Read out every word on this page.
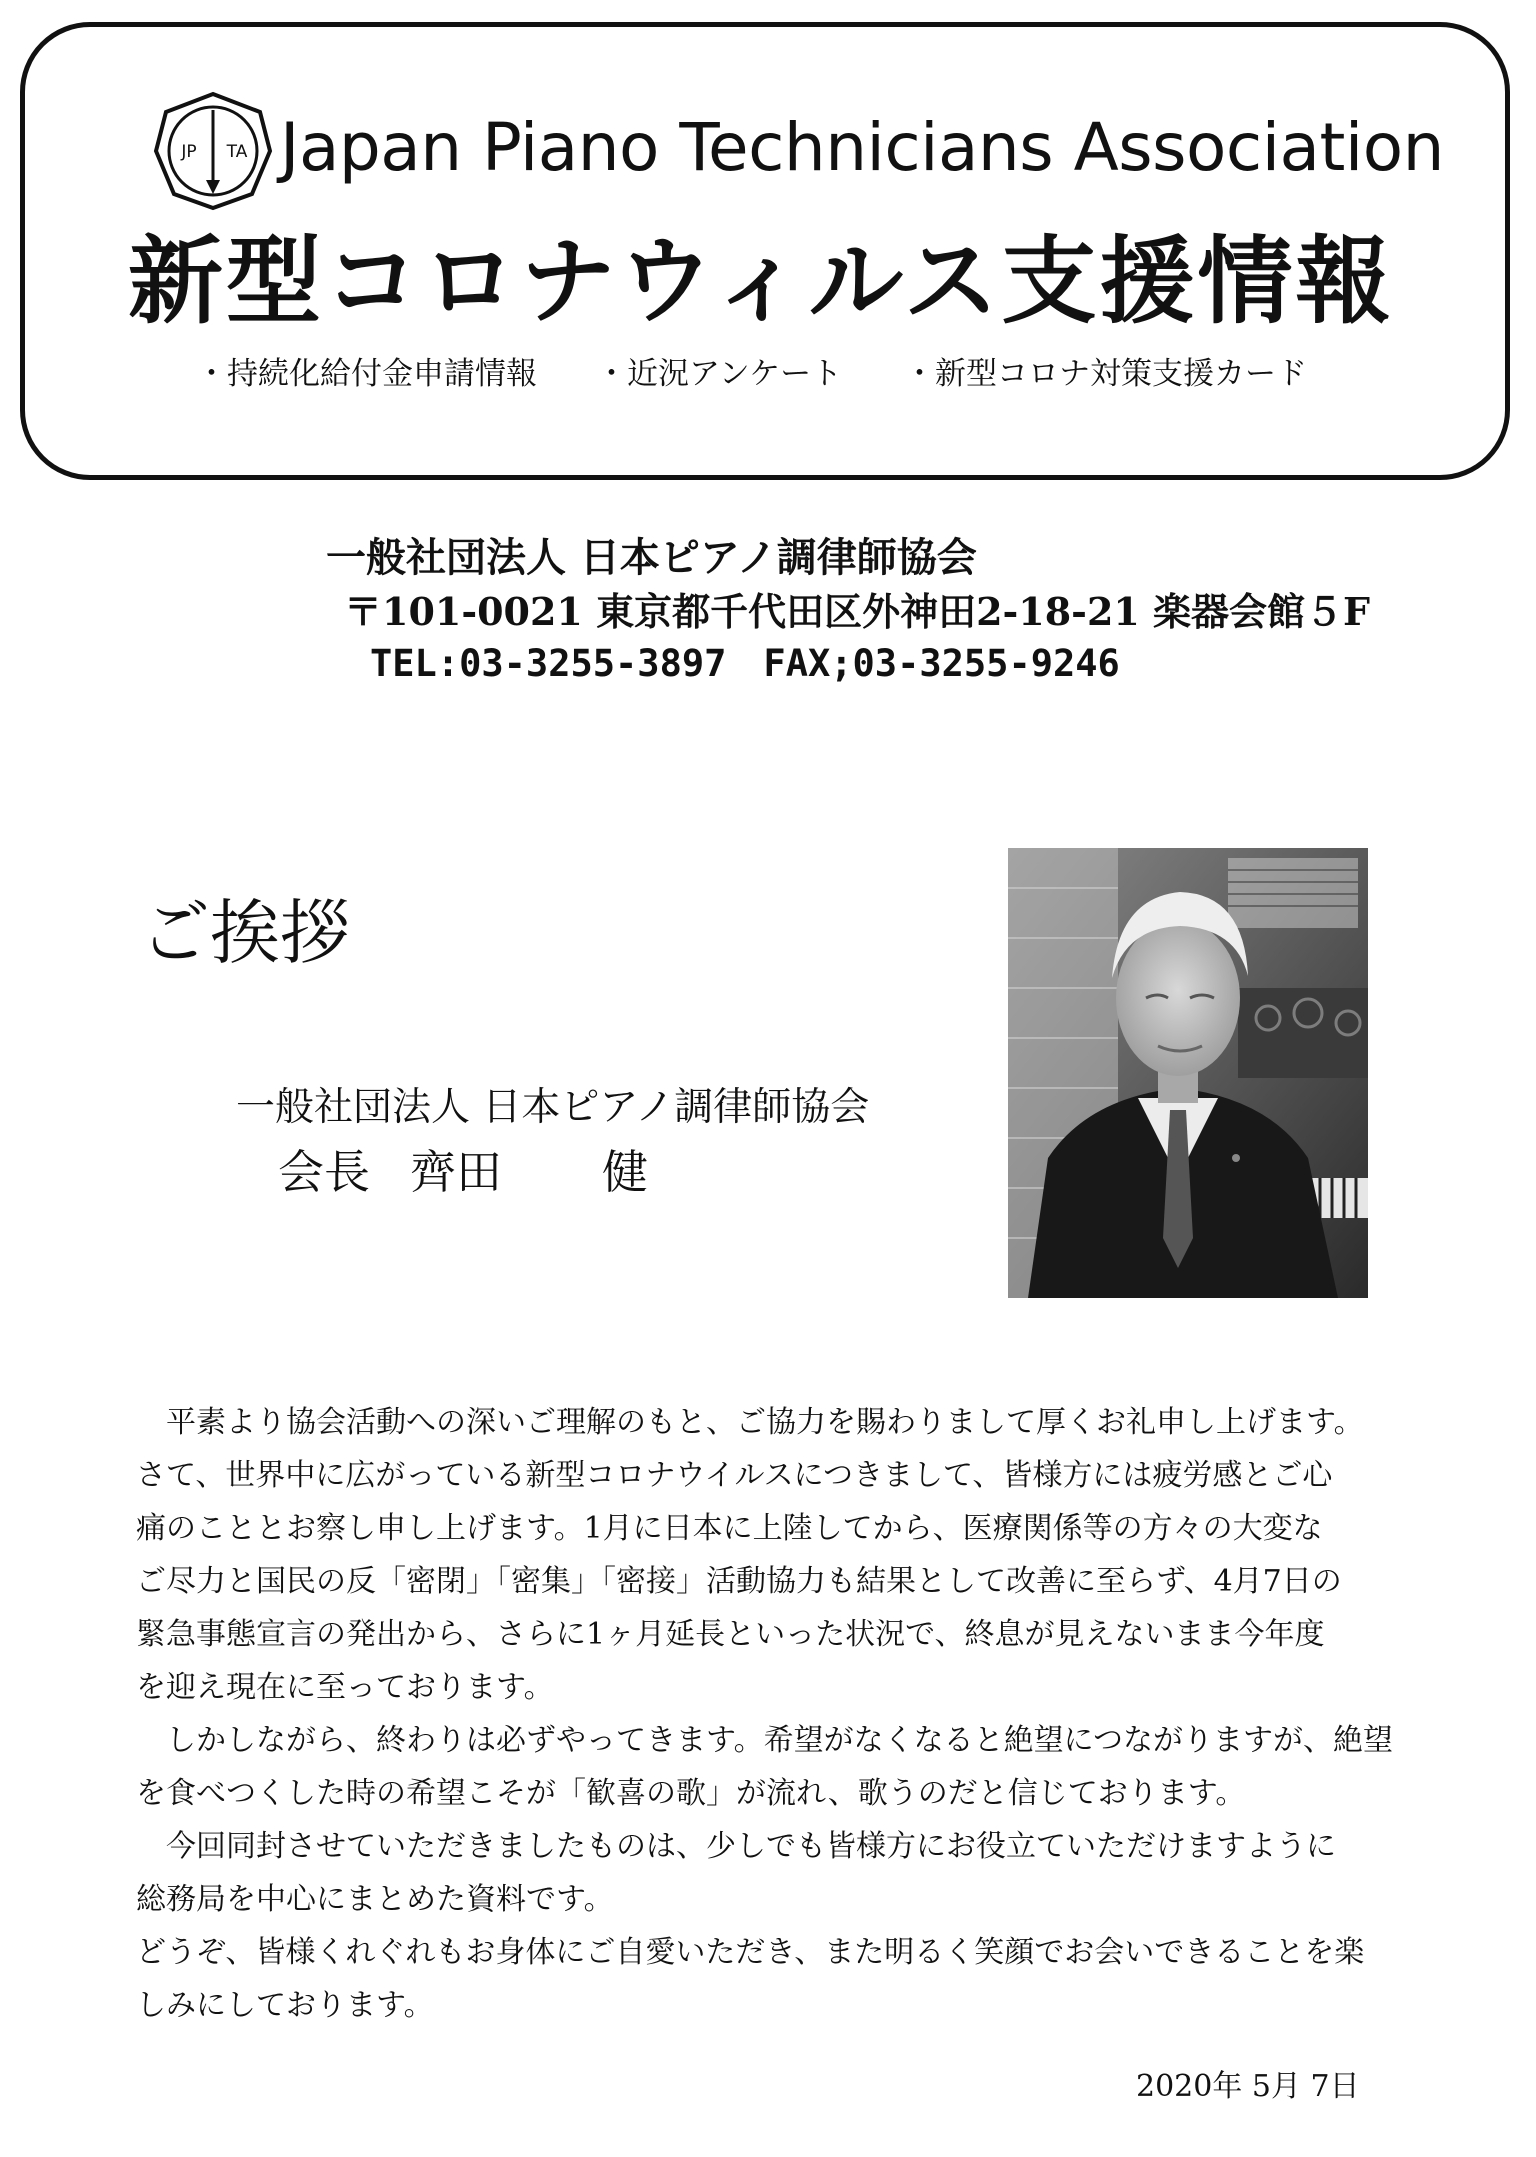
JP TA Japan Piano Technicians Association
新型コロナウィルス支援情報
・持続化給付金申請情報 ・近況アンケート ・新型コロナ対策支援カード
一般社団法人 日本ピアノ調律師協会
〒101-0021 東京都千代田区外神田2-18-21 楽器会館５F
TEL:03-3255-3897　FAX;03-3255-9246
ご挨拶
一般社団法人 日本ピアノ調律師協会
会長 齊田 健

　平素より協会活動への深いご理解のもと、ご協力を賜わりまして厚くお礼申し上げます。

さて、世界中に広がっている新型コロナウイルスにつきまして、皆様方には疲労感とご心

痛のこととお察し申し上げます。1月に日本に上陸してから、医療関係等の方々の大変な

ご尽力と国民の反「密閉」「密集」「密接」活動協力も結果として改善に至らず、4月7日の

緊急事態宣言の発出から、さらに1ヶ月延長といった状況で、終息が見えないまま今年度

を迎え現在に至っております。

　しかしながら、終わりは必ずやってきます。希望がなくなると絶望につながりますが、絶望

を食べつくした時の希望こそが「歓喜の歌」が流れ、歌うのだと信じております。

　今回同封させていただきましたものは、少しでも皆様方にお役立ていただけますように

総務局を中心にまとめた資料です。

どうぞ、皆様くれぐれもお身体にご自愛いただき、また明るく笑顔でお会いできることを楽

しみにしております。

2020年 5月 7日
